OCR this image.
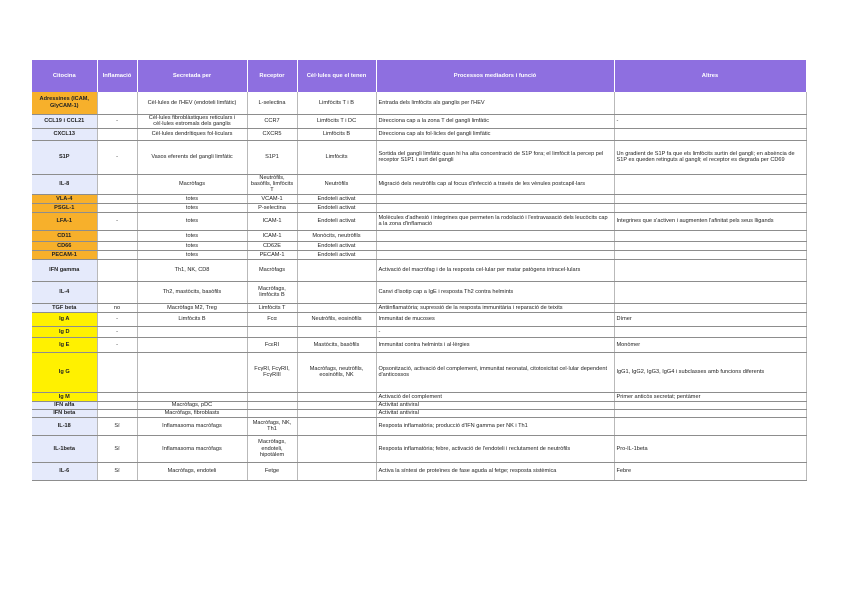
Citocina	Inflamació	Secretada per	Receptor	Cèl·lules que el tenen	Processos mediadors i funció	Altres
Adressines (ICAM, GlyCAM-1)		Cèl·lules de l'HEV (endoteli limfàtic)	L-selectina	Limfòcits T i B	Entrada dels limfòcits als ganglis per l'HEV	
CCL19 i CCL21	-	Cèl·lules fibroblàstiques reticulars i cèl·lules estromals dels ganglis	CCR7	Limfòcits T i DC	Direcciona cap a la zona T del gangli limfàtic	-
CXCL13		Cèl·lules dendrítiques fol·liculars	CXCR5	Limfòcits B	Direcciona cap als fol·licles del gangli limfàtic	
S1P	-	Vasos eferents del gangli limfàtic	S1P1	Limfòcits	Sortida del gangli limfàtic quan hi ha alta concentració de S1P fora; el limfòcit la percep pel receptor S1P1 i surt del gangli	Un gradient de S1P fa que els limfòcits surtin del gangli; en absència de S1P es queden retinguts al gangli; el receptor es degrada per CD69
IL-8		Macròfags	Neutròfils, basòfils, limfòcits T	Neutròfils	Migració dels neutròfils cap al focus d'infecció a través de les vènules postcapil·lars	
VLA-4		totes	VCAM-1	Endoteli activat		
PSGL-1		totes	P-selectina	Endoteli activat		
LFA-1	-	totes	ICAM-1	Endoteli activat	Molècules d'adhesió i integrines que permeten la rodolació i l'extravasació dels leucòcits cap a la zona d'inflamació	Integrines que s'activen i augmenten l'afinitat pels seus lligands
CD11		totes	ICAM-1	Monòcits, neutròfils		
CD66		totes	CD62E	Endoteli activat		
PECAM-1		totes	PECAM-1	Endoteli activat		
IFN gamma		Th1, NK, CD8	Macròfags		Activació del macròfag i de la resposta cel·lular per matar patògens intracel·lulars	
IL-4		Th2, mastòcits, basòfils	Macròfags, limfòcits B		Canvi d'isotip cap a IgE i resposta Th2 contra helmints	
TGF beta	no	Macròfags M2, Treg	Limfòcits T		Antiinflamatòria; supressió de la resposta immunitària i reparació de teixits	
Ig A	-	Limfòcits B	Fcα	Neutròfils, eosinòfils	Immunitat de mucoses	Dímer
Ig D	-				-	
Ig E	-		FcεRI	Mastòcits, basòfils	Immunitat contra helmints i al·lèrgies	Monòmer
Ig G			FcγRI, FcγRII, FcγRIII	Macròfags, neutròfils, eosinòfils, NK	Opsonització, activació del complement, immunitat neonatal, citotoxicitat cel·lular dependent d'anticossos	IgG1, IgG2, IgG3, IgG4 i subclasses amb funcions diferents
Ig M					Activació del complement	Primer anticòs secretat; pentàmer
IFN alfa		Macròfags, pDC			Activitat antiviral	
IFN beta		Macròfags, fibroblasts			Activitat antiviral	
IL-18	Sí	Inflamasoma macròfags	Macròfags, NK, Th1		Resposta inflamatòria; producció d'IFN gamma per NK i Th1	
IL-1beta	Sí	Inflamasoma macròfags	Macròfags, endoteli, hipotàlem		Resposta inflamatòria; febre, activació de l'endoteli i reclutament de neutròfils	Pro-IL-1beta
IL-6	Sí	Macròfags, endoteli	Fetge		Activa la síntesi de proteïnes de fase aguda al fetge; resposta sistèmica	Febre
